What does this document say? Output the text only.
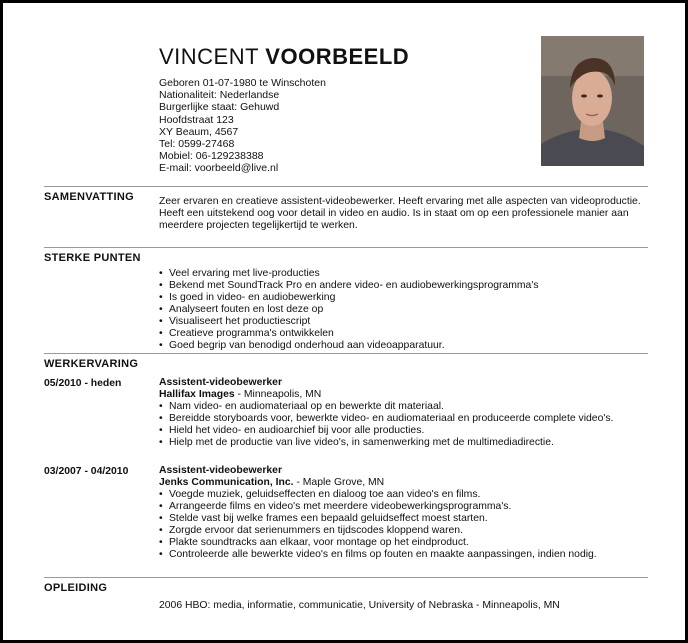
VINCENT VOORBEELD
Geboren 01-07-1980 te Winschoten
Nationaliteit: Nederlandse
Burgerlijke staat: Gehuwd
Hoofdstraat 123
XY Beaum, 4567
Tel: 0599-27468
Mobiel: 06-129238388
E-mail: voorbeeld@live.nl
SAMENVATTING Zeer ervaren en creatieve assistent-videobewerker. Heeft ervaring met alle aspecten van videoproductie. Heeft een uitstekend oog voor detail in video en audio. Is in staat om op een professionele manier aan meerdere projecten tegelijkertijd te werken.
STERKE PUNTEN
• Veel ervaring met live-producties
• Bekend met SoundTrack Pro en andere video- en audiobewerkingsprogramma's
• Is goed in video- en audiobewerking
• Analyseert fouten en lost deze op
• Visualiseert het productiescript
• Creatieve programma's ontwikkelen
• Goed begrip van benodigd onderhoud aan videoapparatuur.
WERKERVARING
05/2010 - heden	Assistent-videobewerker
Hallifax Images - Minneapolis, MN
• Nam video- en audiomateriaal op en bewerkte dit materiaal.
• Bereidde storyboards voor, bewerkte video- en audiomateriaal en produceerde complete video's.
• Hield het video- en audioarchief bij voor alle producties.
• Hielp met de productie van live video's, in samenwerking met de multimediadirectie.
03/2007 - 04/2010	Assistent-videobewerker
Jenks Communication, Inc. - Maple Grove, MN
• Voegde muziek, geluidseffecten en dialoog toe aan video's en films.
• Arrangeerde films en video's met meerdere videobewerkingsprogramma's.
• Stelde vast bij welke frames een bepaald geluidseffect moest starten.
• Zorgde ervoor dat serienummers en tijdscodes kloppend waren.
• Plakte soundtracks aan elkaar, voor montage op het eindproduct.
• Controleerde alle bewerkte video's en films op fouten en maakte aanpassingen, indien nodig.
OPLEIDING
2006 HBO: media, informatie, communicatie, University of Nebraska - Minneapolis, MN
